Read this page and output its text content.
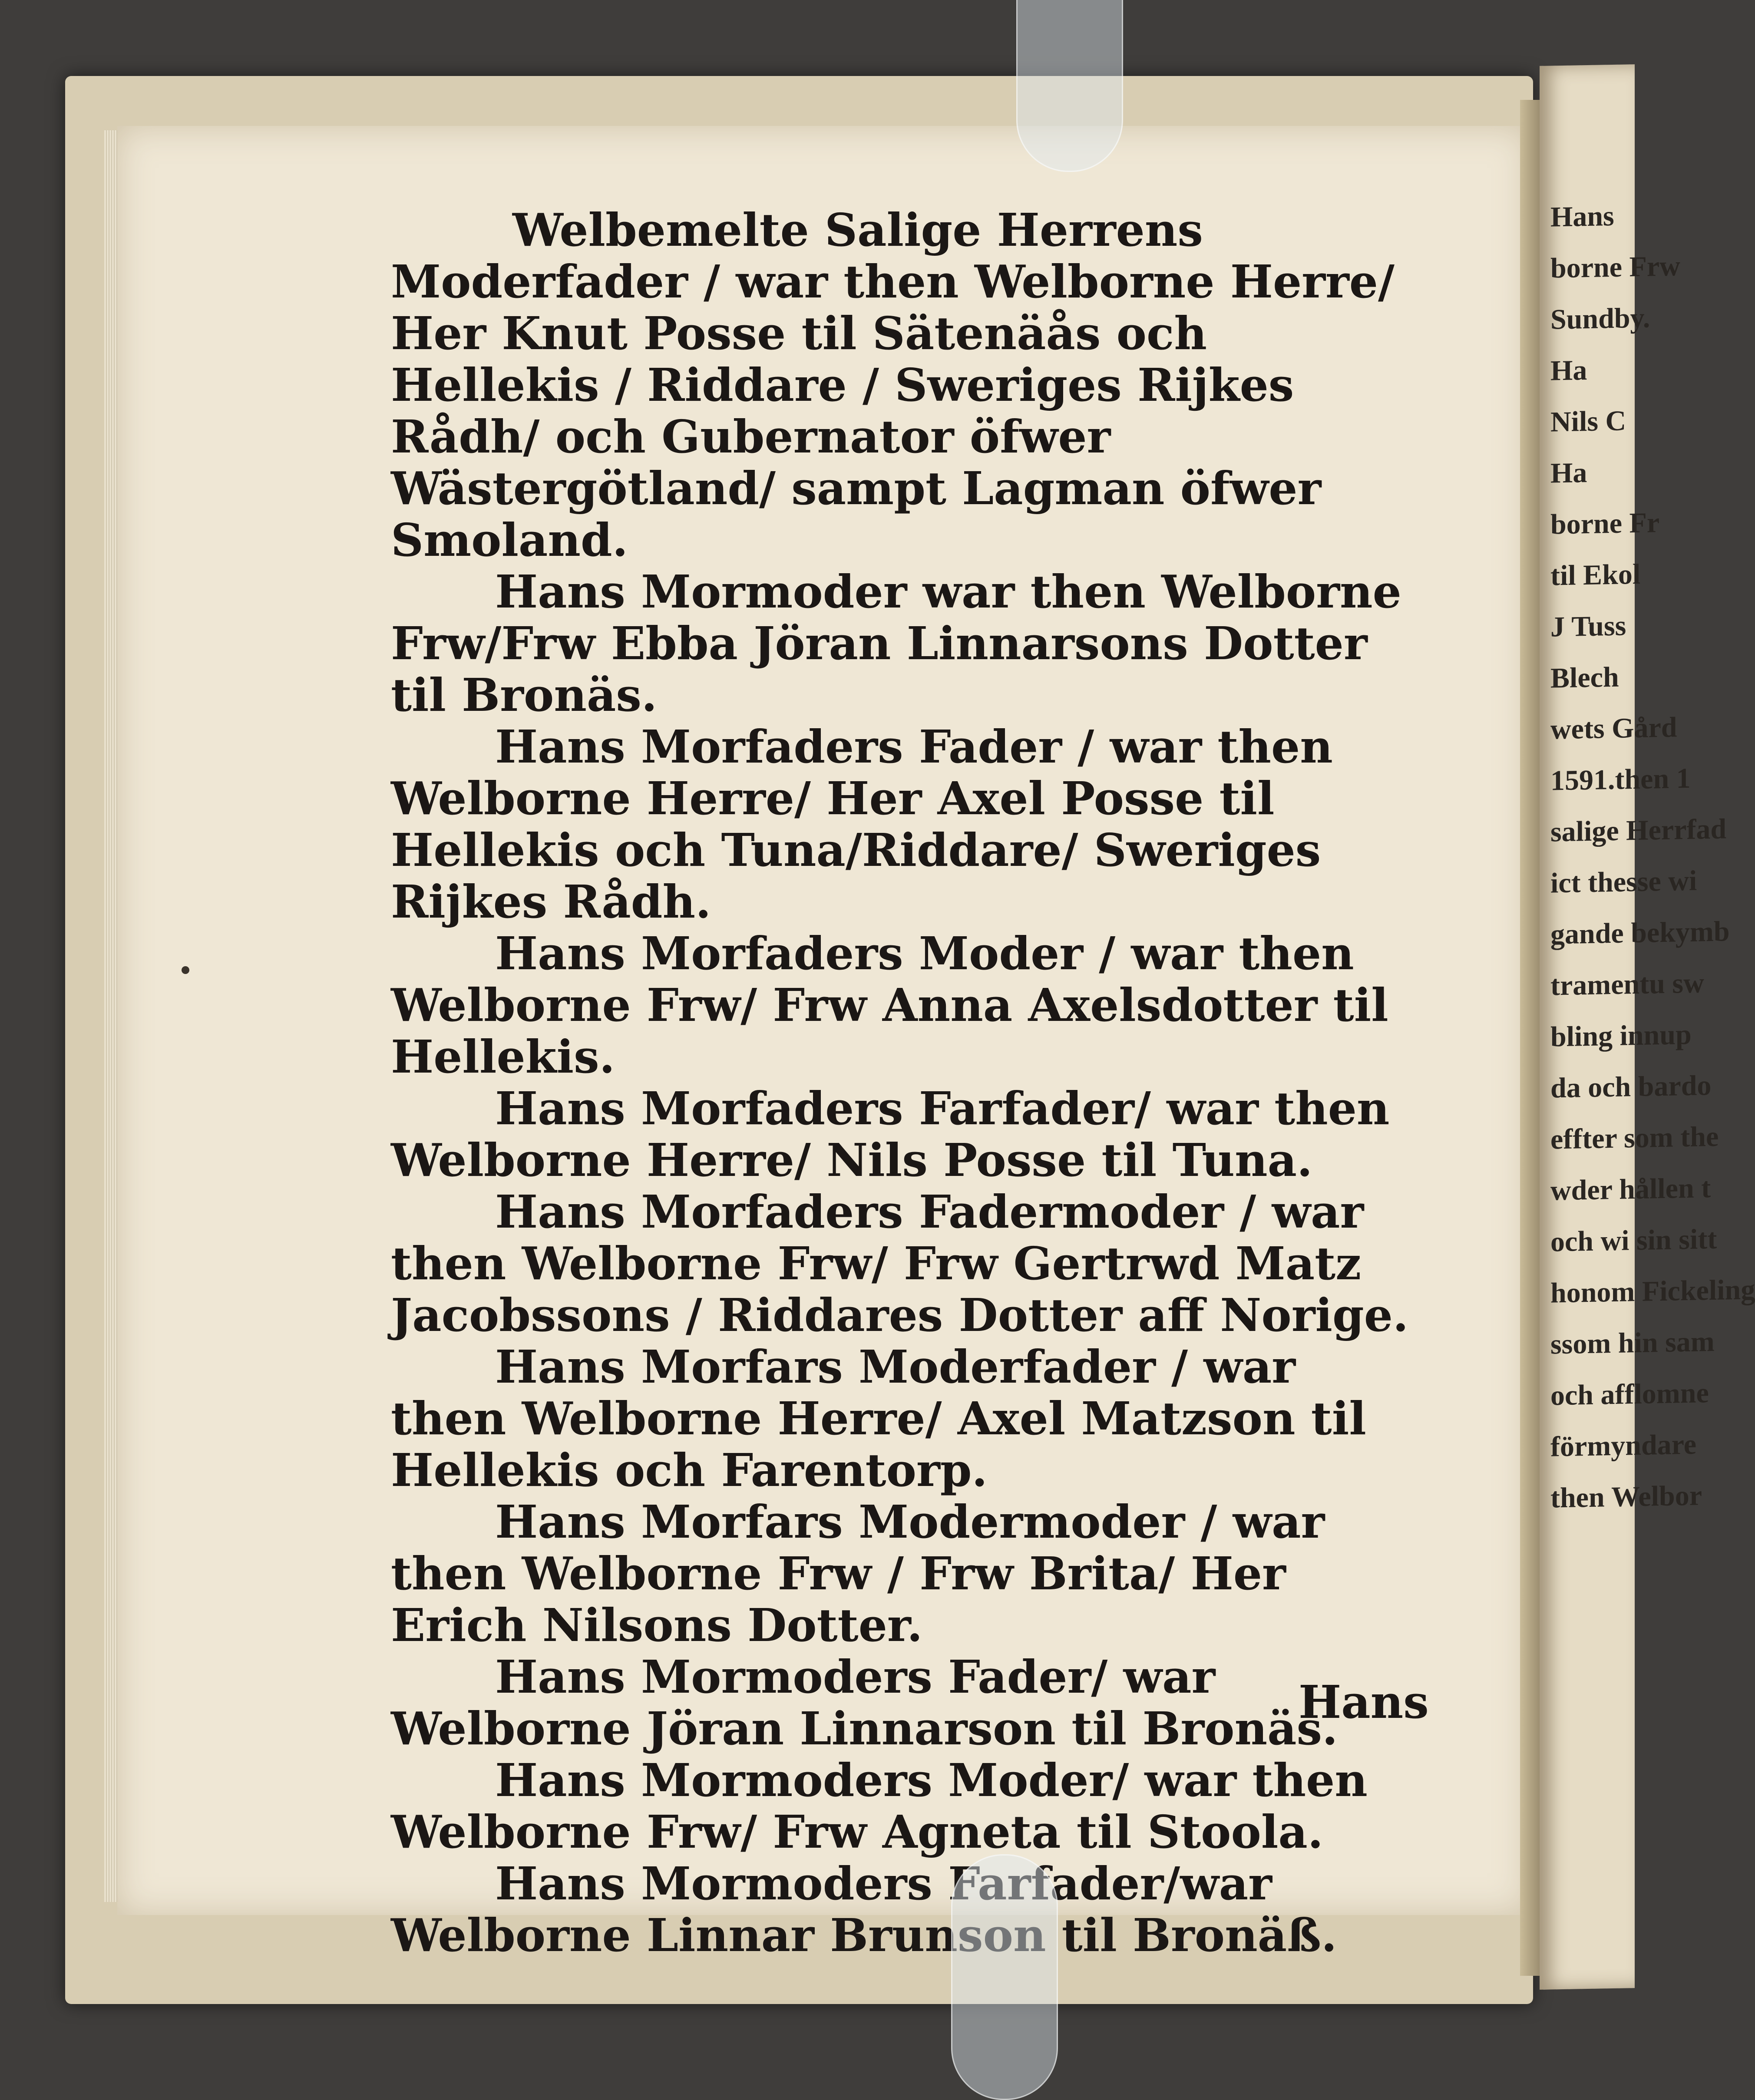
Hans
borne Frw
Sundby.
Ha
Nils C
Ha
borne Fr
til Ekol
J Tuss
Blech
wets Gård
1591.then 1
salige Herrfad
ict thesse wi
gande bekymb
tramentu sw
bling innup
da och bardo
effter som the
wder hållen t
och wi sin sitt
honom Fickeling
ssom hin sam
och afflomne
förmyndare
then Welbor

Welbemelte Salige Herrens Moderfader / war then Welborne Herre/ Her Knut Posse til Sätenäås och Hellekis / Riddare / Sweriges Rijkes Rådh/ och Gubernator öfwer Wästergötland/ sampt Lagman öfwer Smoland.

Hans Mormoder war then Welborne Frw/Frw Ebba Jöran Linnarsons Dotter til Bronäs.

Hans Morfaders Fader / war then Welborne Herre/ Her Axel Posse til Hellekis och Tuna/Riddare/ Sweriges Rijkes Rådh.

Hans Morfaders Moder / war then Welborne Frw/ Frw Anna Axelsdotter til Hellekis.

Hans Morfaders Farfader/ war then Welborne Herre/ Nils Posse til Tuna.

Hans Morfaders Fadermoder / war then Welborne Frw/ Frw Gertrwd Matz Jacobssons / Riddares Dotter aff Norige.

Hans Morfars Moderfader / war then Welborne Herre/ Axel Matzson til Hellekis och Farentorp.

Hans Morfars Modermoder / war then Welborne Frw / Frw Brita/ Her Erich Nilsons Dotter.

Hans Mormoders Fader/ war Welborne Jöran Linnarson til Bronäs.

Hans Mormoders Moder/ war then Welborne Frw/ Frw Agneta til Stoola.

Hans Mormoders Farfader/war Welborne Linnar Brunson til Bronäß.

Hans
